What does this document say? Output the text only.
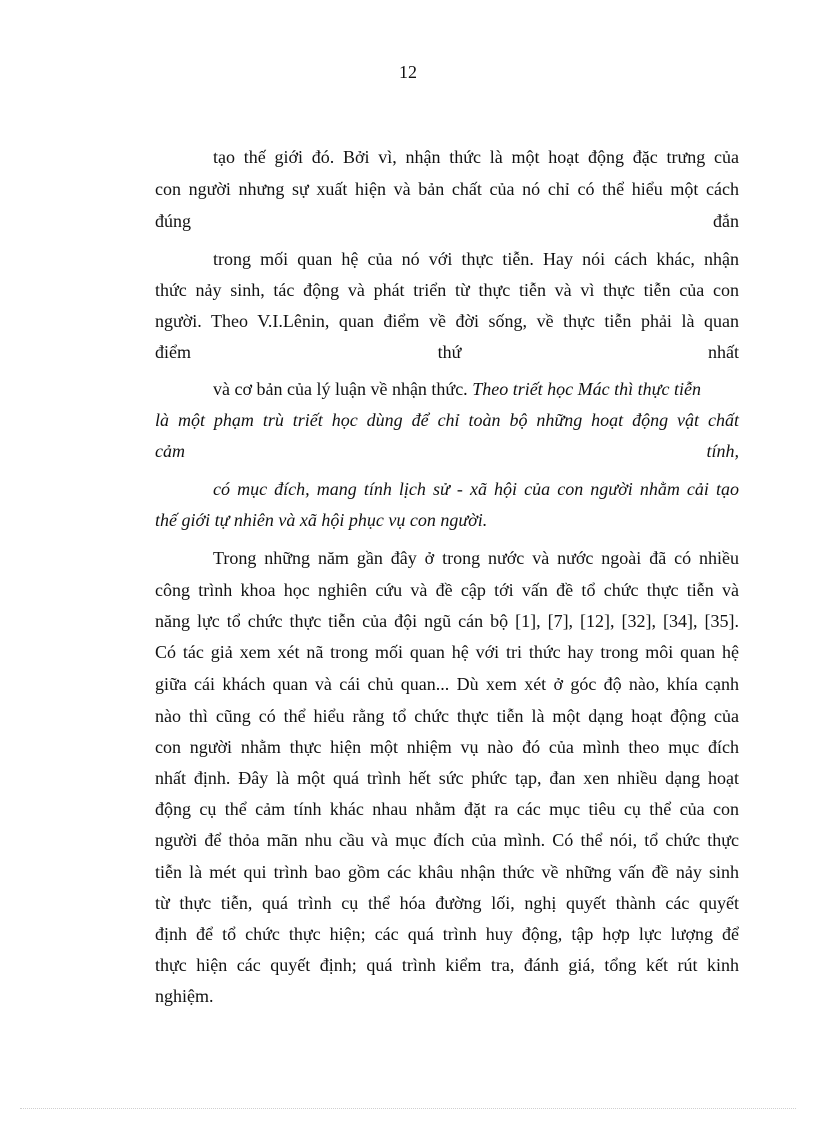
12
tạo thế giới đó. Bởi vì, nhận thức là một hoạt động đặc trưng của
con người nhưng sự xuất hiện và bản chất của nó chỉ có thể hiểu một cách
đúng	đắn
trong mối quan hệ của nó với thực tiễn. Hay nói cách khác, nhận
thức nảy sinh, tác động và phát triển từ thực tiễn và vì thực tiễn của con
người. Theo V.I.Lênin, quan điểm về đời sống, về thực tiễn phải là quan
điểm	thứ	nhất
và cơ bản của lý luận về nhận thức. Theo triết học Mác thì thực tiễn
là một phạm trù triết học dùng để chỉ toàn bộ những hoạt động vật chất
cảm	tính,
có mục đích, mang tính lịch sử - xã hội của con người nhằm cải tạo
thế giới tự nhiên và xã hội phục vụ con người.
Trong những năm gần đây ở trong nước và nước ngoài đã có nhiều
công trình khoa học nghiên cứu và đề cập tới vấn đề tổ chức thực tiễn và
năng lực tổ chức thực tiễn của đội ngũ cán bộ [1], [7], [12], [32], [34], [35].
Có tác giả xem xét nã trong mối quan hệ với tri thức hay trong môi quan hệ
giữa cái khách quan và cái chủ quan... Dù xem xét ở góc độ nào, khía cạnh
nào thì cũng có thể hiểu rằng tổ chức thực tiễn là một dạng hoạt động của
con người nhằm thực hiện một nhiệm vụ nào đó của mình theo mục đích
nhất định. Đây là một quá trình hết sức phức tạp, đan xen nhiều dạng hoạt
động cụ thể cảm tính khác nhau nhằm đặt ra các mục tiêu cụ thể của con
người để thỏa mãn nhu cầu và mục đích của mình. Có thể nói, tổ chức thực
tiễn là mét qui trình bao gồm các khâu nhận thức về những vấn đề nảy sinh
từ thực tiễn, quá trình cụ thể hóa đường lối, nghị quyết thành các quyết
định để tổ chức thực hiện; các quá trình huy động, tập hợp lực lượng để
thực hiện các quyết định; quá trình kiểm tra, đánh giá, tổng kết rút kinh
nghiệm.
